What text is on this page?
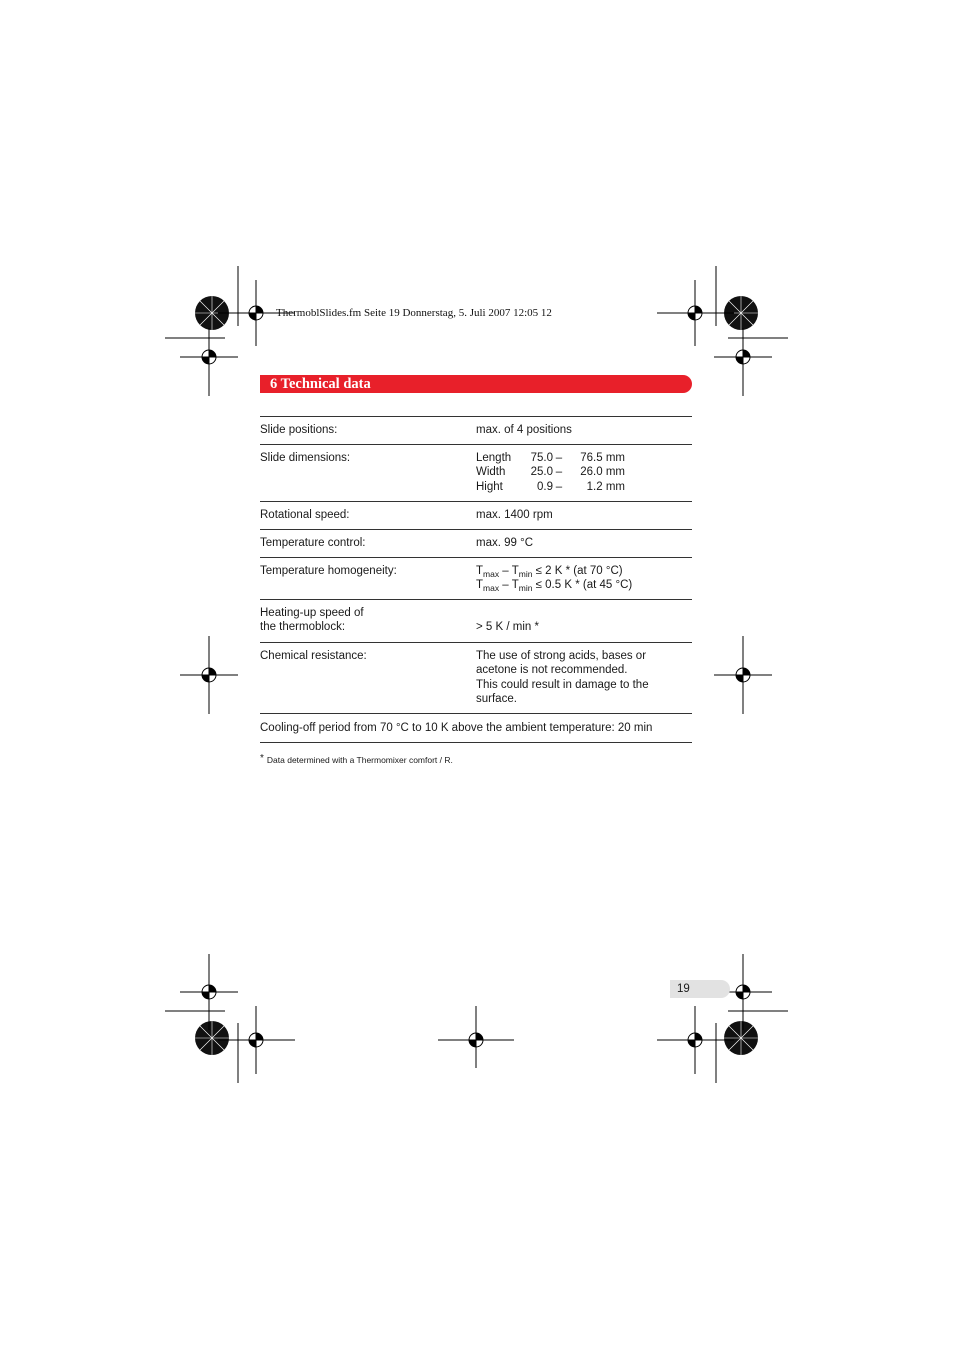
ThermoblSlides.fm Seite 19 Donnerstag, 5. Juli 2007 12:05 12
6 Technical data
Slide positions:	max. of 4 positions
Slide dimensions:	Length	75.0 –	76.5 mm
Width	25.0 –	26.0 mm
Hight	0.9 –	1.2 mm
Rotational speed:	max. 1400 rpm
Temperature control:	max. 99 °C
Temperature homogeneity:	$T_{max} - T_{min} \le 2$ K * (at 70 °C)
$T_{max} - T_{min} \le 0.5$ K * (at 45 °C)
Heating-up speed of
the thermoblock:	> 5 K / min *
Chemical resistance:	The use of strong acids, bases or
acetone is not recommended.
This could result in damage to the
surface.
Cooling-off period from 70 °C to 10 K above the ambient temperature: 20 min
* Data determined with a Thermomixer comfort / R.
19
